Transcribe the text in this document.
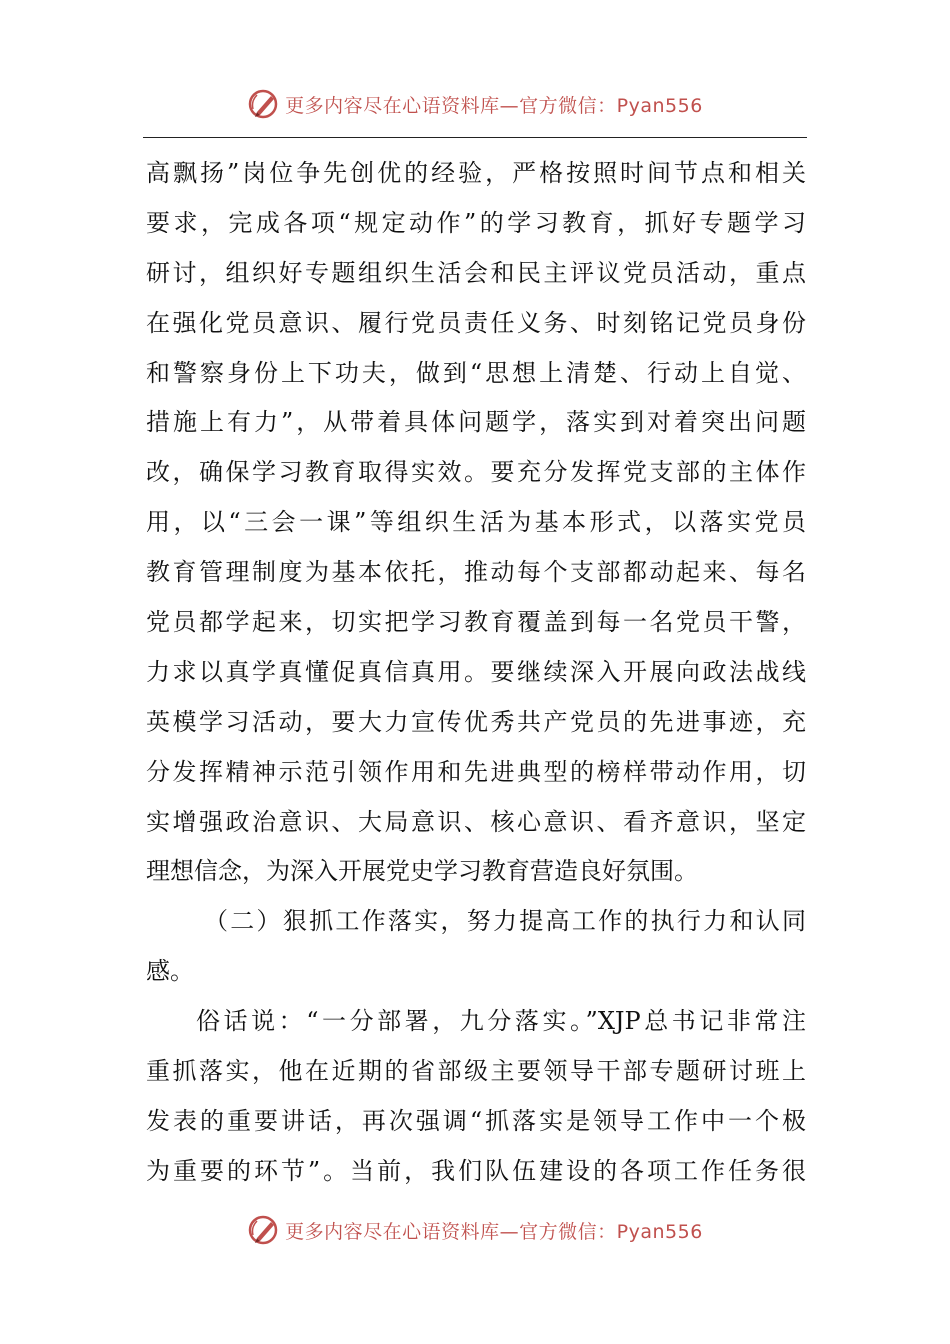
更多内容尽在心语资料库—官方微信：Pyan556
高飘扬”岗位争先创优的经验，严格按照时间节点和相关
要求，完成各项“规定动作”的学习教育，抓好专题学习
研讨，组织好专题组织生活会和民主评议党员活动，重点
在强化党员意识、履行党员责任义务、时刻铭记党员身份
和警察身份上下功夫，做到“思想上清楚、行动上自觉、
措施上有力”，从带着具体问题学，落实到对着突出问题
改，确保学习教育取得实效。要充分发挥党支部的主体作
用，以“三会一课”等组织生活为基本形式，以落实党员
教育管理制度为基本依托，推动每个支部都动起来、每名
党员都学起来，切实把学习教育覆盖到每一名党员干警，
力求以真学真懂促真信真用。要继续深入开展向政法战线
英模学习活动，要大力宣传优秀共产党员的先进事迹，充
分发挥精神示范引领作用和先进典型的榜样带动作用，切
实增强政治意识、大局意识、核心意识、看齐意识，坚定
理想信念，为深入开展党史学习教育营造良好氛围。
（二）狠抓工作落实，努力提高工作的执行力和认同
感。
俗话说：“一分部署，九分落实。”XJP总书记非常注
重抓落实，他在近期的省部级主要领导干部专题研讨班上
发表的重要讲话，再次强调“抓落实是领导工作中一个极
为重要的环节”。当前，我们队伍建设的各项工作任务很
更多内容尽在心语资料库—官方微信：Pyan556
